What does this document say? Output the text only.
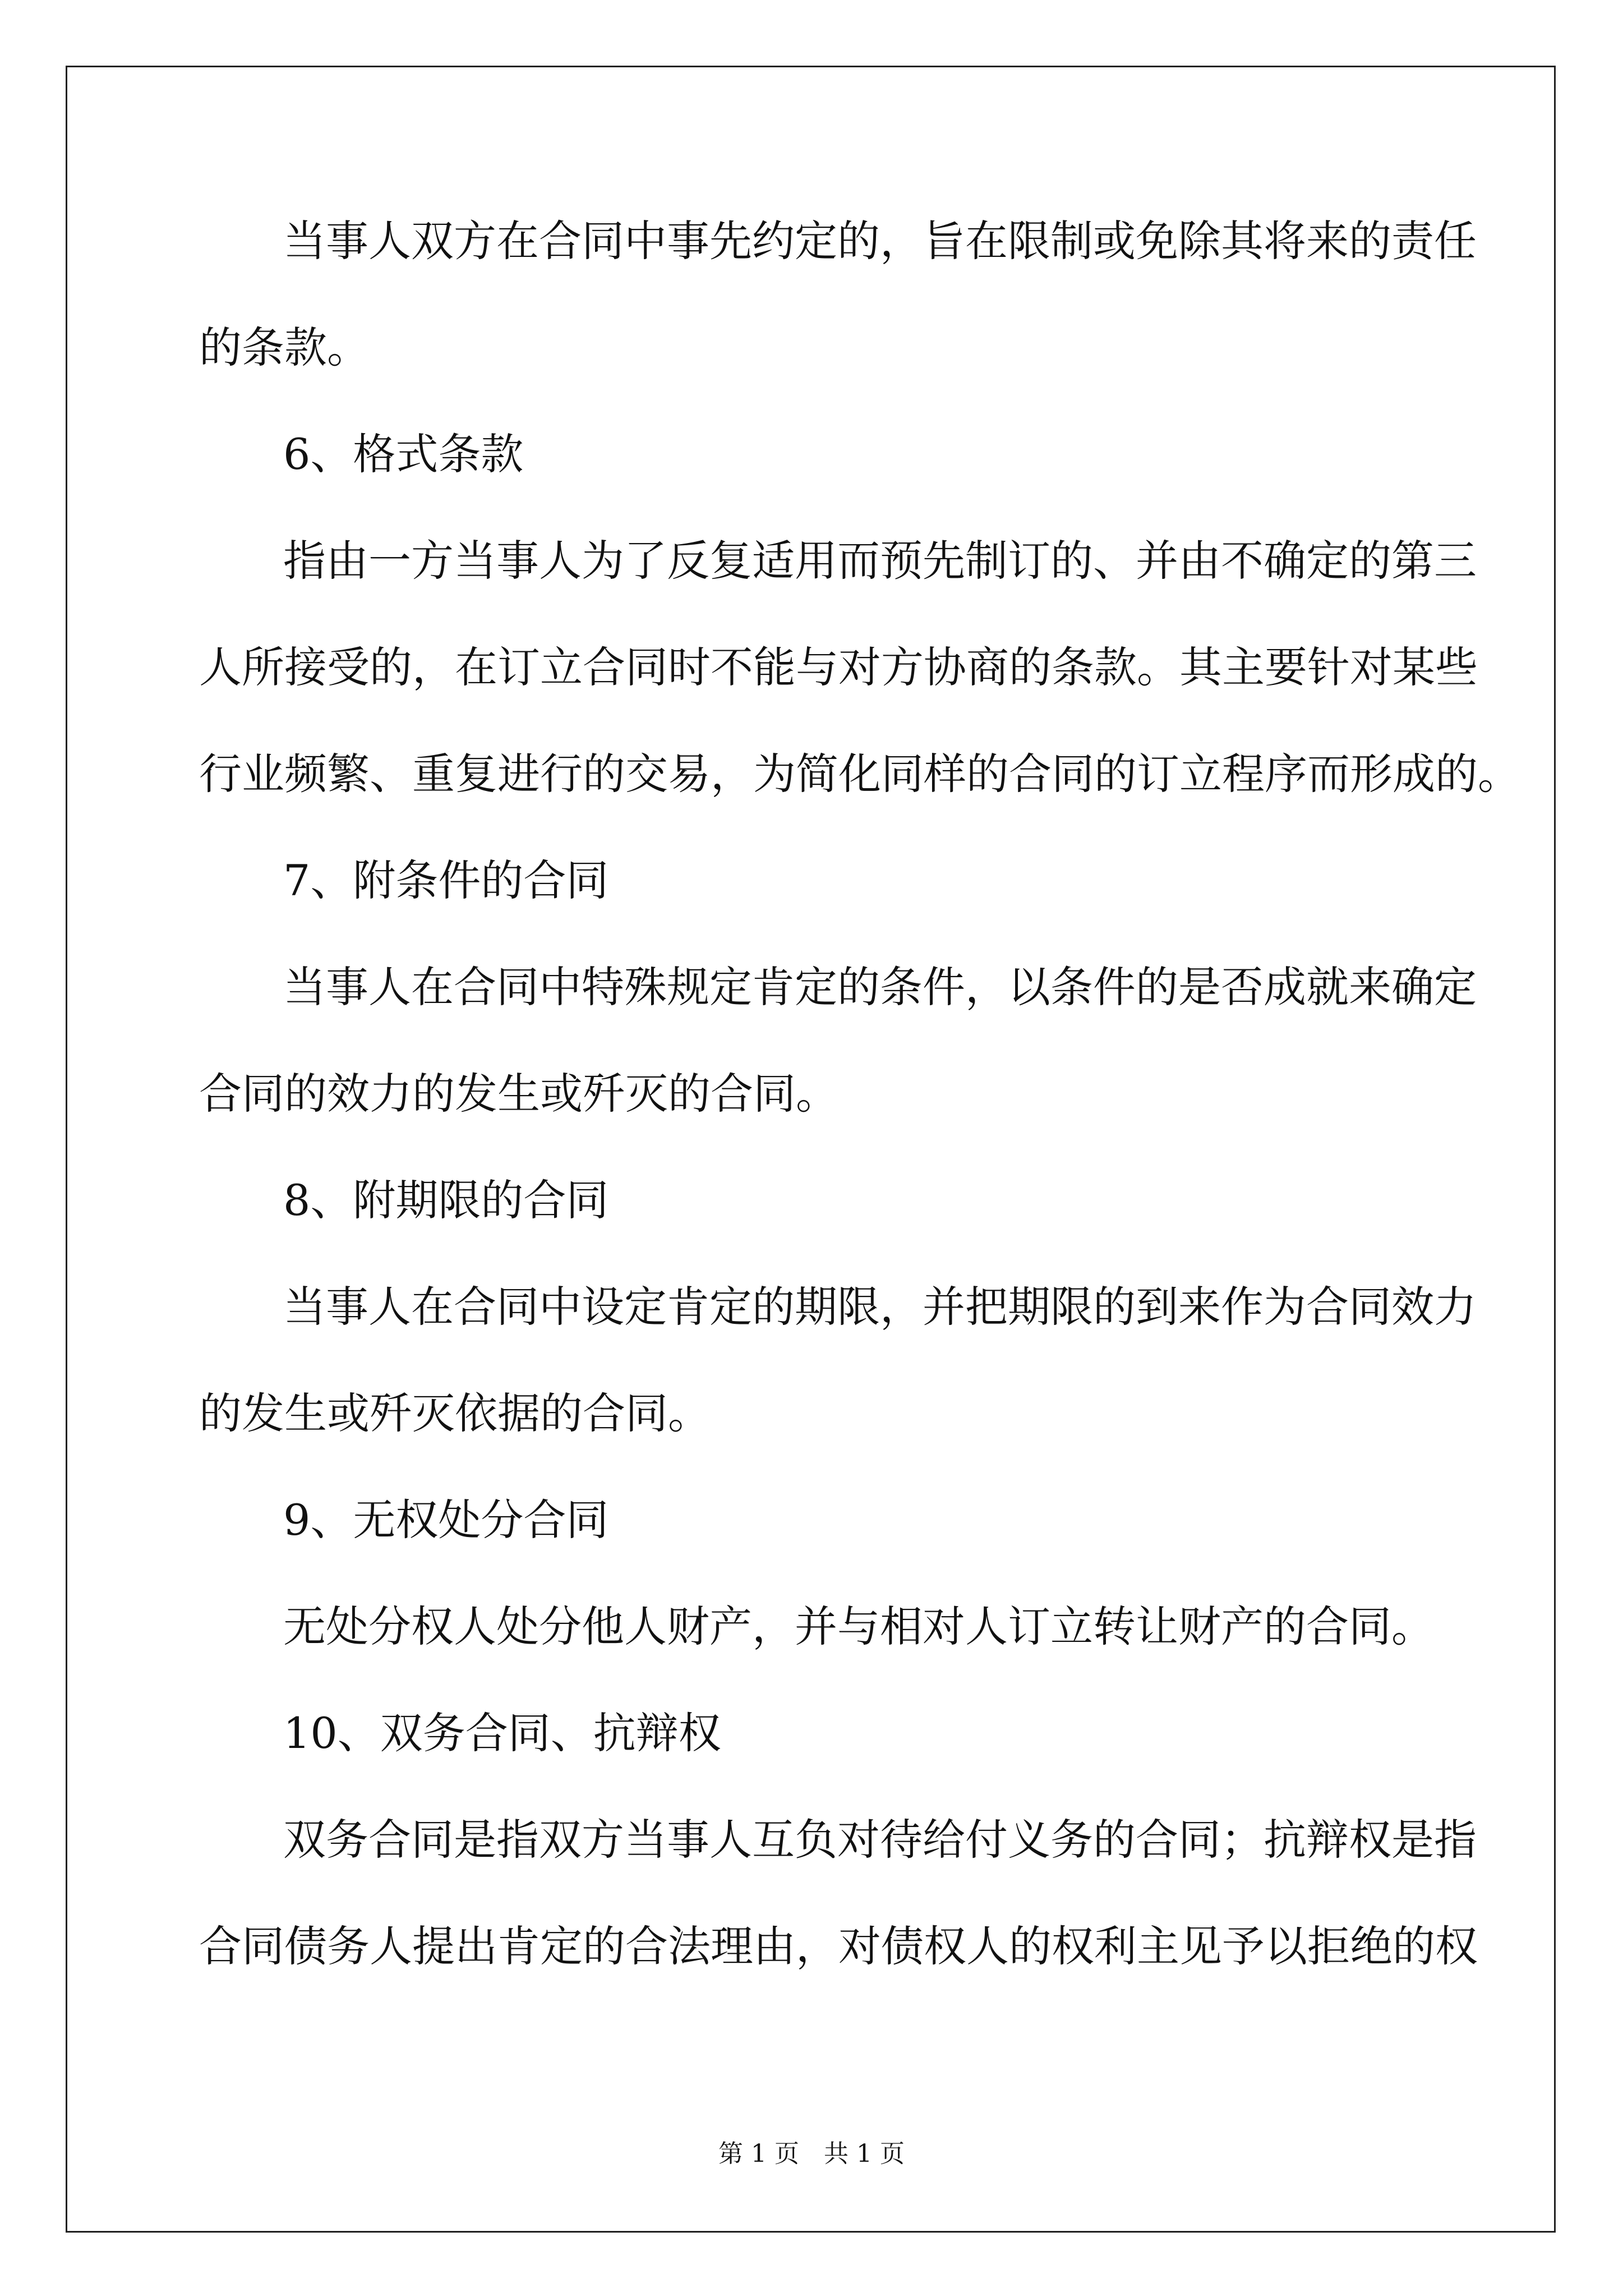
当事人双方在合同中事先约定的，旨在限制或免除其将来的责任
的条款。
6、格式条款
指由一方当事人为了反复适用而预先制订的、并由不确定的第三
人所接受的，在订立合同时不能与对方协商的条款。其主要针对某些
行业频繁、重复进行的交易，为简化同样的合同的订立程序而形成的。
7、附条件的合同
当事人在合同中特殊规定肯定的条件，以条件的是否成就来确定
合同的效力的发生或歼灭的合同。
8、附期限的合同
当事人在合同中设定肯定的期限，并把期限的到来作为合同效力
的发生或歼灭依据的合同。
9、无权处分合同
无处分权人处分他人财产，并与相对人订立转让财产的合同。
10、双务合同、抗辩权
双务合同是指双方当事人互负对待给付义务的合同；抗辩权是指
合同债务人提出肯定的合法理由，对债权人的权利主见予以拒绝的权
第 1 页　共 1 页
